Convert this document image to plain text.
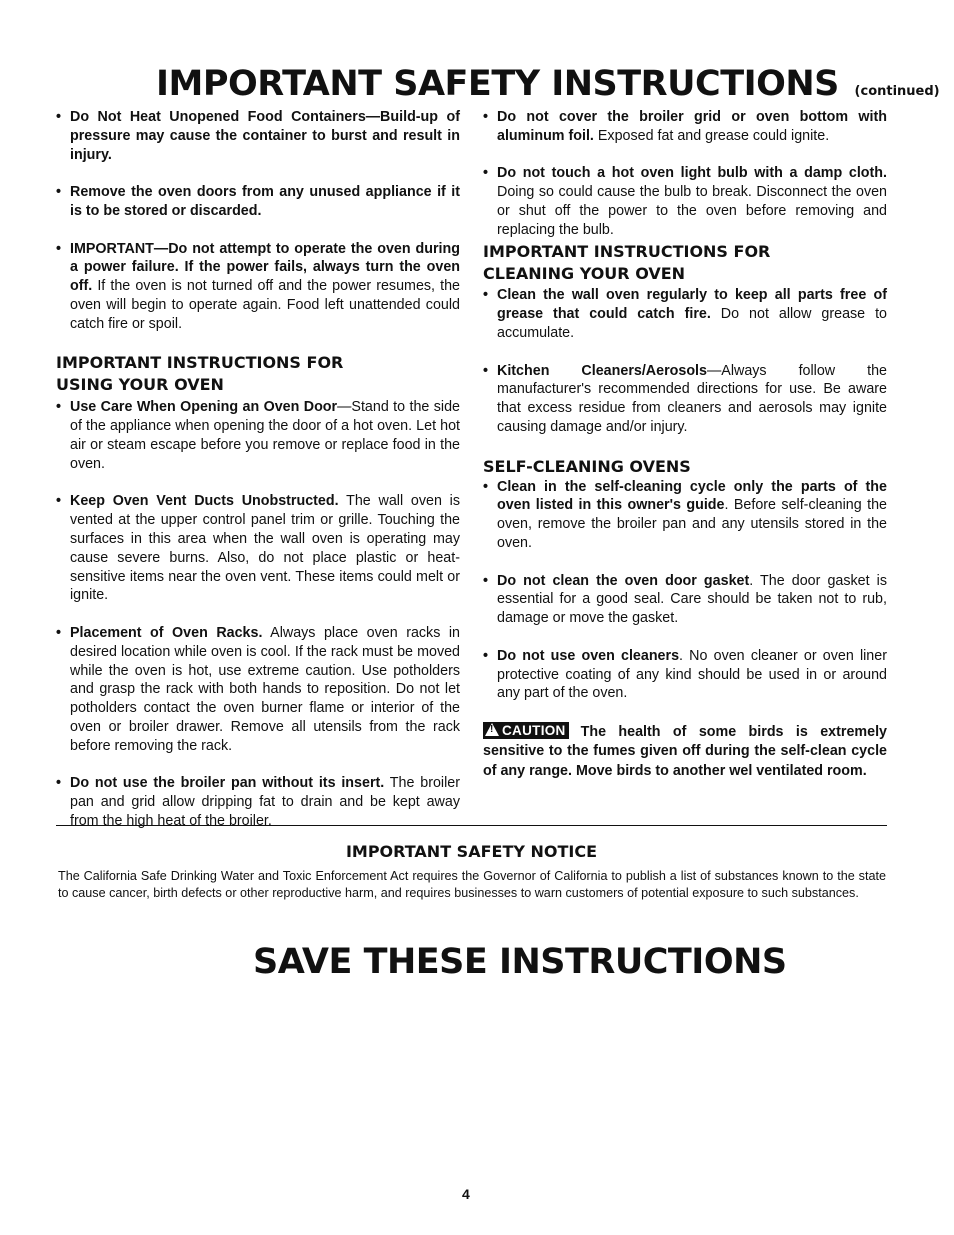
IMPORTANT SAFETY INSTRUCTIONS (continued)

• Do Not Heat Unopened Food Containers—Build-up of pressure may cause the container to burst and result in injury.

• Remove the oven doors from any unused appliance if it is to be stored or discarded.

• IMPORTANT—Do not attempt to operate the oven during a power failure. If the power fails, always turn the oven off. If the oven is not turned off and the power resumes, the oven will begin to operate again. Food left unattended could catch fire or spoil.

IMPORTANT INSTRUCTIONS FOR USING YOUR OVEN

• Use Care When Opening an Oven Door—Stand to the side of the appliance when opening the door of a hot oven. Let hot air or steam escape before you remove or replace food in the oven.

• Keep Oven Vent Ducts Unobstructed. The wall oven is vented at the upper control panel trim or grille. Touching the surfaces in this area when the wall oven is operating may cause severe burns. Also, do not place plastic or heat-sensitive items near the oven vent. These items could melt or ignite.

• Placement of Oven Racks. Always place oven racks in desired location while oven is cool. If the rack must be moved while the oven is hot, use extreme caution. Use potholders and grasp the rack with both hands to reposition. Do not let potholders contact the oven burner flame or interior of the oven or broiler drawer. Remove all utensils from the rack before removing the rack.

• Do not use the broiler pan without its insert. The broiler pan and grid allow dripping fat to drain and be kept away from the high heat of the broiler.

• Do not cover the broiler grid or oven bottom with aluminum foil. Exposed fat and grease could ignite.

• Do not touch a hot oven light bulb with a damp cloth. Doing so could cause the bulb to break. Disconnect the oven or shut off the power to the oven before removing and replacing the bulb.

IMPORTANT INSTRUCTIONS FOR CLEANING YOUR OVEN

• Clean the wall oven regularly to keep all parts free of grease that could catch fire. Do not allow grease to accumulate.

• Kitchen Cleaners/Aerosols—Always follow the manufacturer's recommended directions for use. Be aware that excess residue from cleaners and aerosols may ignite causing damage and/or injury.

SELF-CLEANING OVENS

• Clean in the self-cleaning cycle only the parts of the oven listed in this owner's guide. Before self-cleaning the oven, remove the broiler pan and any utensils stored in the oven.

• Do not clean the oven door gasket. The door gasket is essential for a good seal. Care should be taken not to rub, damage or move the gasket.

• Do not use oven cleaners. No oven cleaner or oven liner protective coating of any kind should be used in or around any part of the oven.

! CAUTION The health of some birds is extremely sensitive to the fumes given off during the self-clean cycle of any range. Move birds to another wel ventilated room.

IMPORTANT SAFETY NOTICE

The California Safe Drinking Water and Toxic Enforcement Act requires the Governor of California to publish a list of substances known to the state to cause cancer, birth defects or other reproductive harm, and requires businesses to warn customers of potential exposure to such substances.

SAVE THESE INSTRUCTIONS
4
